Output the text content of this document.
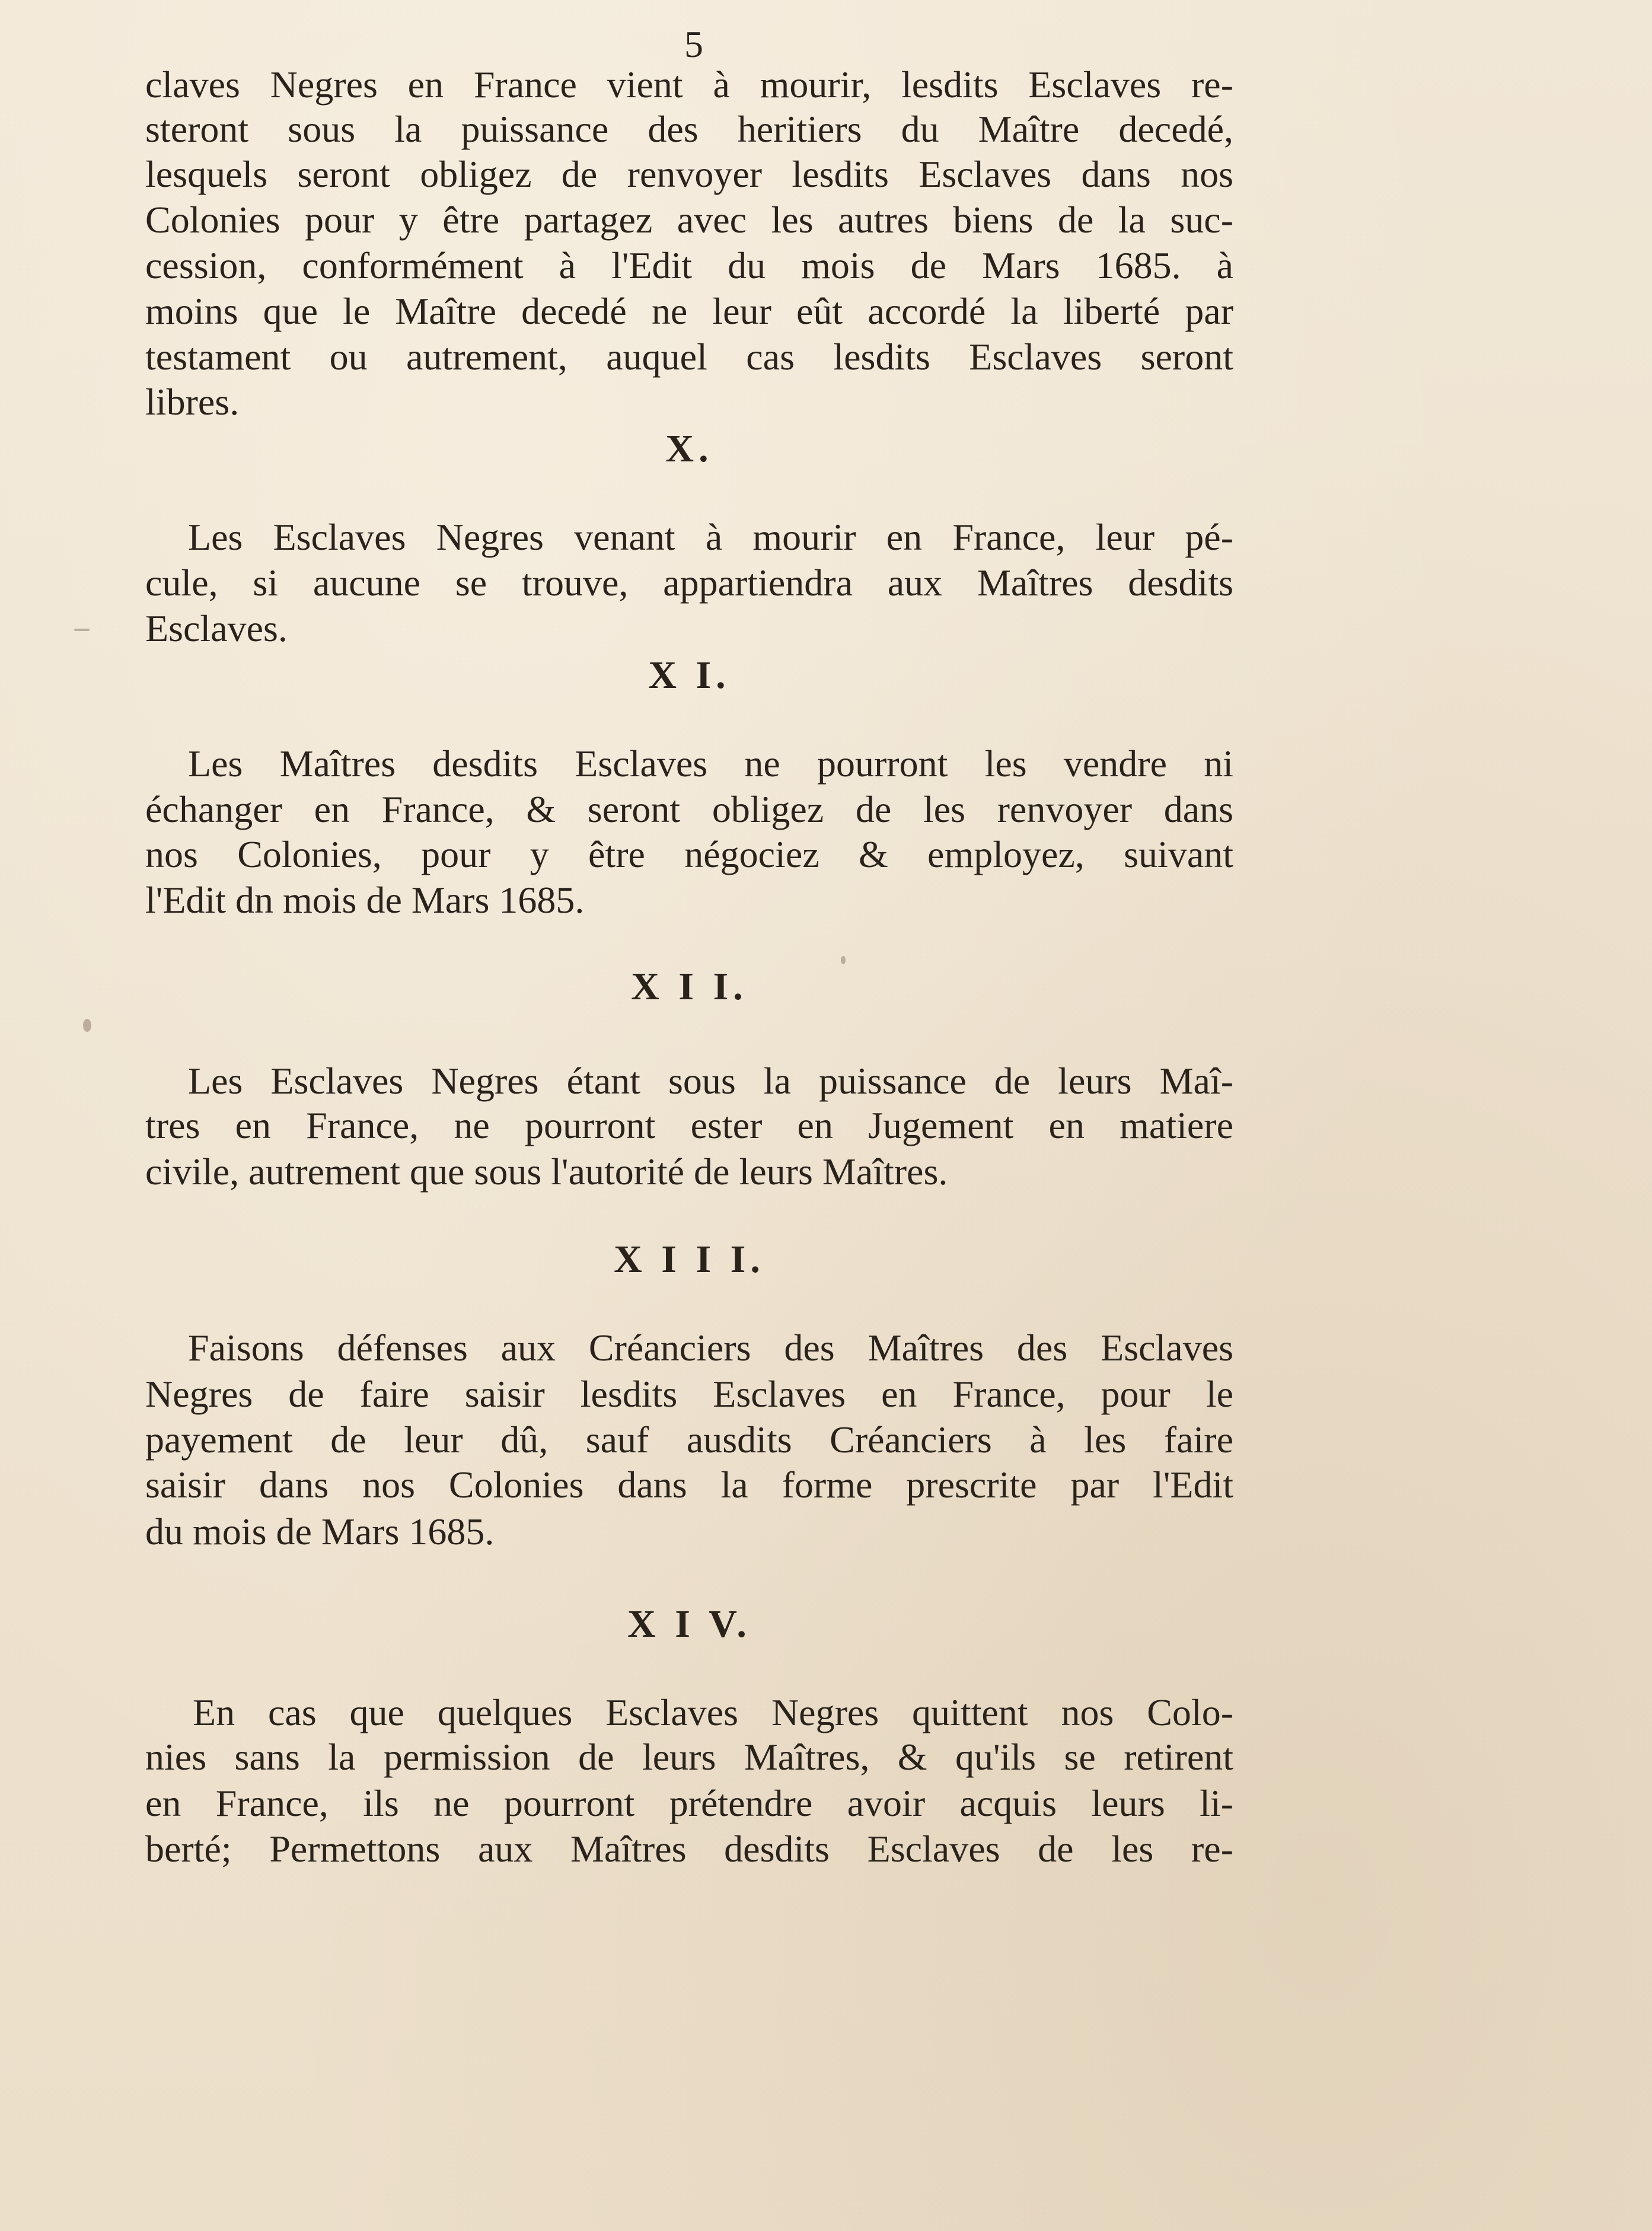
5
claves Negres en France vient à mourir, lesdits Esclaves re-
steront sous la puissance des heritiers du Maître decedé,
lesquels seront obligez de renvoyer lesdits Esclaves dans nos
Colonies pour y être partagez avec les autres biens de la suc-
cession, conformément à l'Edit du mois de Mars 1685. à
moins que le Maître decedé ne leur eût accordé la liberté par
testament ou autrement, auquel cas lesdits Esclaves seront
libres.
X.
Les Esclaves Negres venant à mourir en France, leur pé-
cule, si aucune se trouve, appartiendra aux Maîtres desdits
Esclaves.
X I.
Les Maîtres desdits Esclaves ne pourront les vendre ni
échanger en France, & seront obligez de les renvoyer dans
nos Colonies, pour y être négociez & employez, suivant
l'Edit dn mois de Mars 1685.
X I I.
Les Esclaves Negres étant sous la puissance de leurs Maî-
tres en France, ne pourront ester en Jugement en matiere
civile, autrement que sous l'autorité de leurs Maîtres.
X I I I.
Faisons défenses aux Créanciers des Maîtres des Esclaves
Negres de faire saisir lesdits Esclaves en France, pour le
payement de leur dû, sauf ausdits Créanciers à les faire
saisir dans nos Colonies dans la forme prescrite par l'Edit
du mois de Mars 1685.
X I V.
En cas que quelques Esclaves Negres quittent nos Colo-
nies sans la permission de leurs Maîtres, & qu'ils se retirent
en France, ils ne pourront prétendre avoir acquis leurs li-
berté; Permettons aux Maîtres desdits Esclaves de les re-
